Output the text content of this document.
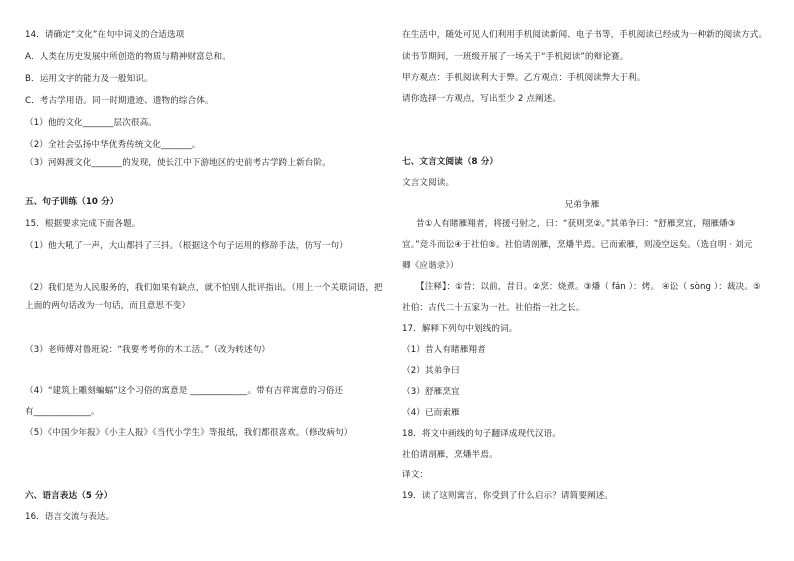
14．请确定“文化”在句中词义的合适选项
A．人类在历史发展中所创造的物质与精神财富总和。
B．运用文字的能力及一般知识。
C．考古学用语。同一时期遗迹、遗物的综合体。
（1）他的文化_______层次很高。
（2）全社会弘扬中华优秀传统文化_______。
（3）河姆渡文化_______的发现，使长江中下游地区的史前考古学跨上新台阶。
五、句子训练（10 分）
15．根据要求完成下面各题。
（1）他大吼了一声，大山都抖了三抖。（根据这个句子运用的修辞手法，仿写一句）
（2）我们是为人民服务的，我们如果有缺点，就不怕别人批评指出。（用上一个关联词语，把
上面的两句话改为一句话，而且意思不变）
（3）老师傅对鲁班说：“我要考考你的木工活。”（改为转述句）
（4）“建筑上雕刻蝙蝠”这个习俗的寓意是 _____________。带有吉祥寓意的习俗还
有_____________。
（5）《中国少年报》《小主人报》《当代小学生》等报纸，我们都很喜欢。（修改病句）
六、语言表达（5 分）
16．语言交流与表达。
在生活中，随处可见人们利用手机阅读新闻、电子书等，手机阅读已经成为一种新的阅读方式。
读书节期间，一班级开展了一场关于“手机阅读”的辩论赛。
甲方观点：手机阅读利大于弊。乙方观点：手机阅读弊大于利。
请你选择一方观点，写出至少 2 点阐述。
七、文言文阅读（8 分）
文言文阅读。
兄弟争雁
昔①人有睹雁翔者，将援弓射之，曰：“获则烹②。”其弟争曰：“舒雁烹宜，翔雁燔③
宜。”竞斗而讼④于社伯⑤。社伯请剖雁，烹燔半焉。已而索雁，则凌空远矣。（选自明 · 刘元
卿《应谐录》）
【注释】：①昔：以前，昔日。②烹：烧煮。③燔（ fán ）：烤。 ④讼（ sòng ）：裁决。⑤
社伯：古代二十五家为一社。社伯指一社之长。
17．解释下列句中划线的词。
（1）昔人有睹雁翔者
（2）其弟争曰
（3）舒雁烹宜
（4）已而索雁
18．将文中画线的句子翻译成现代汉语。
社伯请剖雁，烹燔半焉。
译文：
19．读了这则寓言，你受到了什么启示？请简要阐述。
